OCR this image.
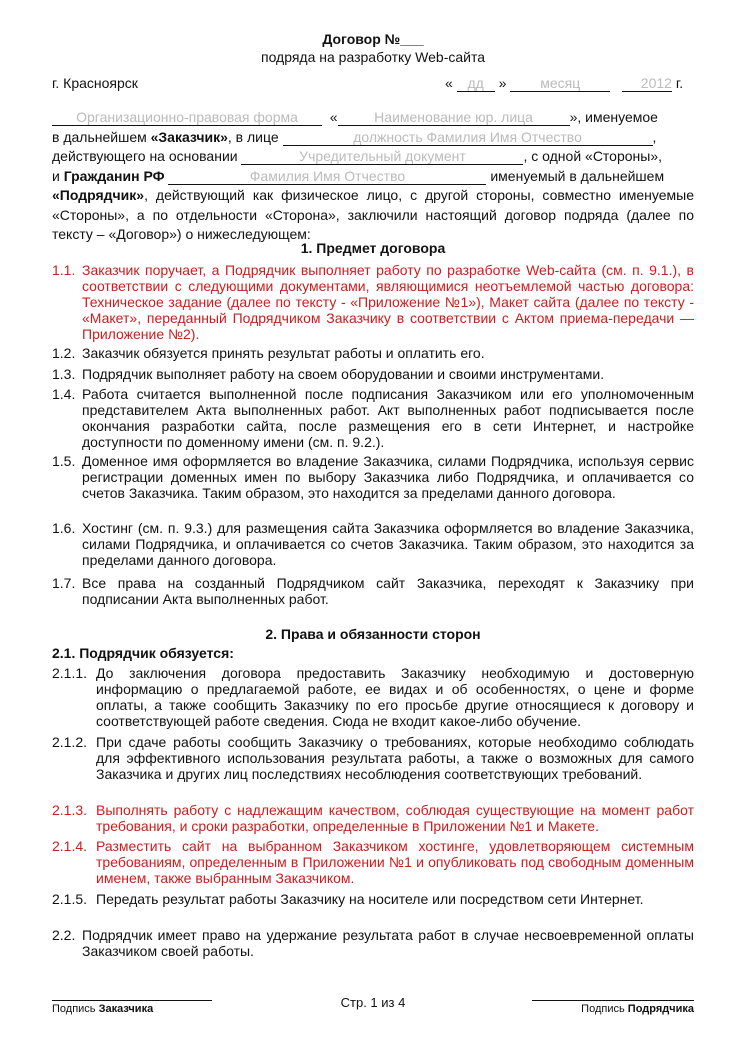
Договор №___
подряда на разработку Web-сайта
г. Красноярск	« дд » месяц	2012 г.
Организационно-правовая форма «	Наименование юр. лица	», именуемое
в дальнейшем «Заказчик», в лице	должность Фамилия Имя Отчество	,
действующего на основании	Учредительный документ	, с одной «Стороны»,
и Гражданин РФ	Фамилия Имя Отчество	именуемый в дальнейшем
«Подрядчик», действующий как физическое лицо, с другой стороны, совместно именуемые «Стороны», а по отдельности «Сторона», заключили настоящий договор подряда (далее по тексту – «Договор») о нижеследующем:
1. Предмет договора
1.1. Заказчик поручает, а Подрядчик выполняет работу по разработке Web-сайта (см. п. 9.1.), в соответствии с следующими документами, являющимися неотъемлемой частью договора: Техническое задание (далее по тексту - «Приложение №1»), Макет сайта (далее по тексту - «Макет», переданный Подрядчиком Заказчику в соответствии с Актом приема-передачи — Приложение №2).
1.2. Заказчик обязуется принять результат работы и оплатить его.
1.3. Подрядчик выполняет работу на своем оборудовании и своими инструментами.
1.4. Работа считается выполненной после подписания Заказчиком или его уполномоченным представителем Акта выполненных работ. Акт выполненных работ подписывается после окончания разработки сайта, после размещения его в сети Интернет, и настройке доступности по доменному имени (см. п. 9.2.).
1.5. Доменное имя оформляется во владение Заказчика, силами Подрядчика, используя сервис регистрации доменных имен по выбору Заказчика либо Подрядчика, и оплачивается со счетов Заказчика. Таким образом, это находится за пределами данного договора.
1.6. Хостинг (см. п. 9.3.) для размещения сайта Заказчика оформляется во владение Заказчика, силами Подрядчика, и оплачивается со счетов Заказчика. Таким образом, это находится за пределами данного договора.
1.7. Все права на созданный Подрядчиком сайт Заказчика, переходят к Заказчику при подписании Акта выполненных работ.
2. Права и обязанности сторон
2.1. Подрядчик обязуется:
2.1.1. До заключения договора предоставить Заказчику необходимую и достоверную информацию о предлагаемой работе, ее видах и об особенностях, о цене и форме оплаты, а также сообщить Заказчику по его просьбе другие относящиеся к договору и соответствующей работе сведения. Сюда не входит какое-либо обучение.
2.1.2. При сдаче работы сообщить Заказчику о требованиях, которые необходимо соблюдать для эффективного использования результата работы, а также о возможных для самого Заказчика и других лиц последствиях несоблюдения соответствующих требований.
2.1.3. Выполнять работу с надлежащим качеством, соблюдая существующие на момент работ требования, и сроки разработки, определенные в Приложении №1 и Макете.
2.1.4. Разместить сайт на выбранном Заказчиком хостинге, удовлетворяющем системным требованиям, определенным в Приложении №1 и опубликовать под свободным доменным именем, также выбранным Заказчиком.
2.1.5. Передать результат работы Заказчику на носителе или посредством сети Интернет.
2.2. Подрядчик имеет право на удержание результата работ в случае несвоевременной оплаты Заказчиком своей работы.
Подпись Заказчика	Стр. 1 из 4	Подпись Подрядчика
